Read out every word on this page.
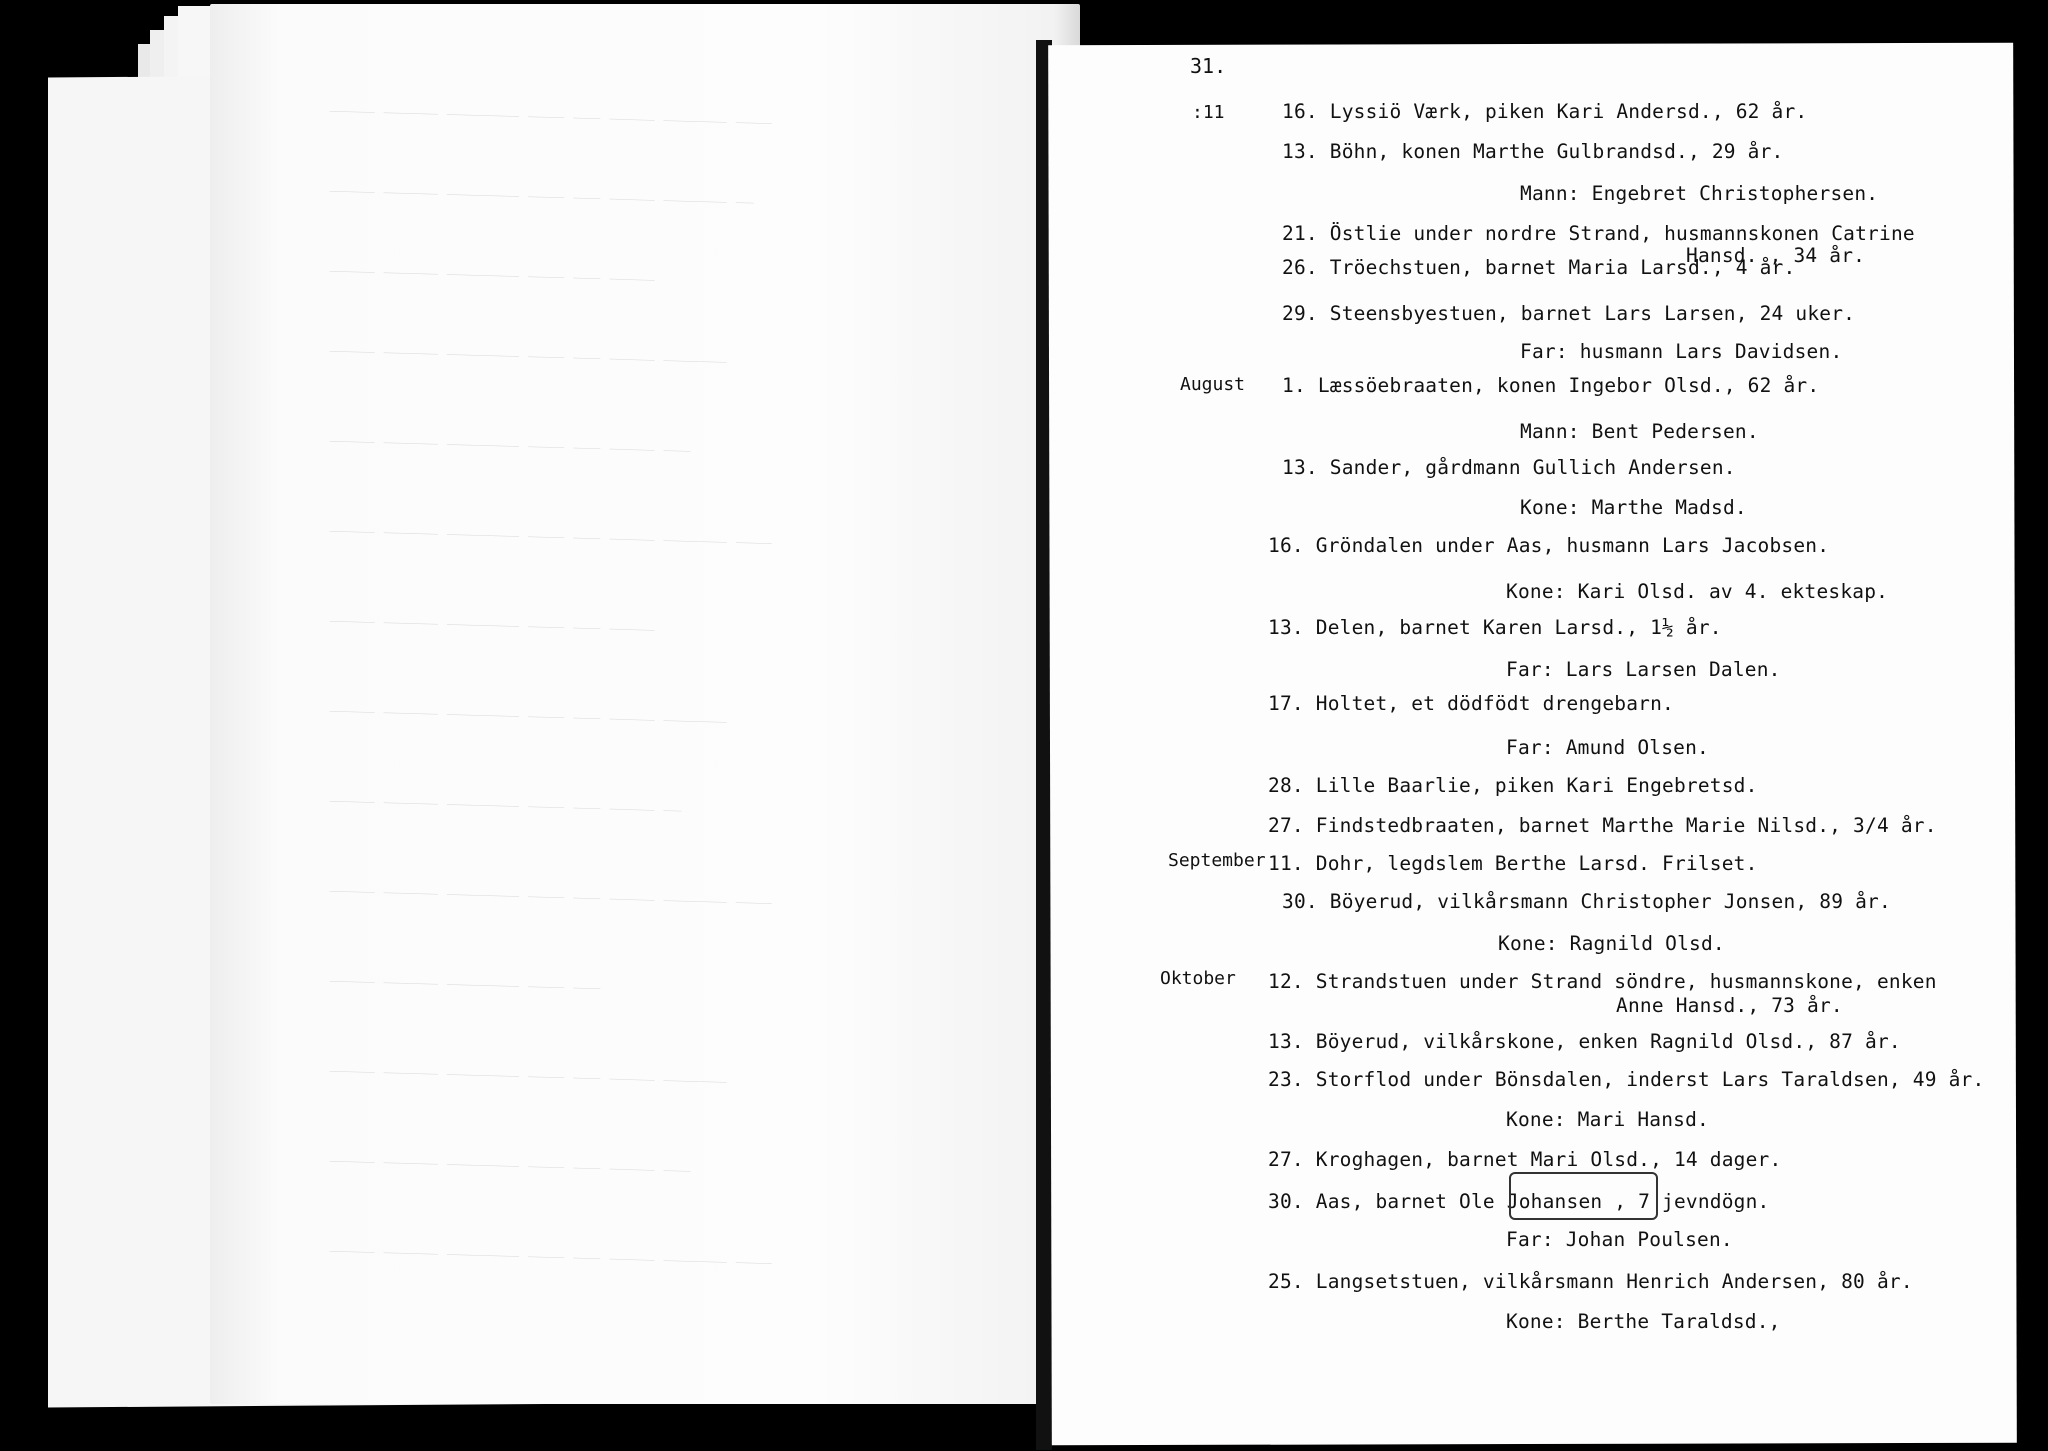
_____ ______ ________ ____ ___ _____ _______ ____
_____ ______ ________ ____ ___ _____ _______ __
_____ ______ ________ ____ ___ _____
_____ ______ ________ ____ ___ _____ _______
_____ ______ ________ ____ ___ _____ ___
_____ ______ ________ ____ ___ _____ _______ ____
_____ ______ ________ ____ ___ _____
_____ ______ ________ ____ ___ _____ _______
_____ ______ ________ ____ ___ _____ __
_____ ______ ________ ____ ___ _____ _______ ____
_____ ______ ________ ____ ___
_____ ______ ________ ____ ___ _____ _______
_____ ______ ________ ____ ___ _____ ___
_____ ______ ________ ____ ___ _____ _______ ____
31.
:11
August
September
Oktober
16. Lyssiö Værk, piken Kari Andersd., 62 år.
13. Böhn, konen Marthe Gulbrandsd., 29 år.
Mann: Engebret Christophersen.
21. Östlie under nordre Strand, husmannskonen Catrine
Hansd. , 34 år.
26. Tröechstuen, barnet Maria Larsd., 4 år.
29. Steensbyestuen, barnet Lars Larsen, 24 uker.
Far: husmann Lars Davidsen.
1. Læssöebraaten, konen Ingebor Olsd., 62 år.
Mann: Bent Pedersen.
13. Sander, gårdmann Gullich Andersen.
Kone: Marthe Madsd.
16. Gröndalen under Aas, husmann Lars Jacobsen.
Kone: Kari Olsd. av 4. ekteskap.
13. Delen, barnet Karen Larsd., 1½ år.
Far: Lars Larsen Dalen.
17. Holtet, et dödfödt drengebarn.
Far: Amund Olsen.
28. Lille Baarlie, piken Kari Engebretsd.
27. Findstedbraaten, barnet Marthe Marie Nilsd., 3/4 år.
11. Dohr, legdslem Berthe Larsd. Frilset.
30. Böyerud, vilkårsmann Christopher Jonsen, 89 år.
Kone: Ragnild Olsd.
12. Strandstuen under Strand söndre, husmannskone, enken
Anne Hansd., 73 år.
13. Böyerud, vilkårskone, enken Ragnild Olsd., 87 år.
23. Storflod under Bönsdalen, inderst Lars Taraldsen, 49 år.
Kone: Mari Hansd.
27. Kroghagen, barnet Mari Olsd., 14 dager.
30. Aas, barnet Ole Johansen , 7 jevndögn.
Far: Johan Poulsen.
25. Langsetstuen, vilkårsmann Henrich Andersen, 80 år.
Kone: Berthe Taraldsd.,
